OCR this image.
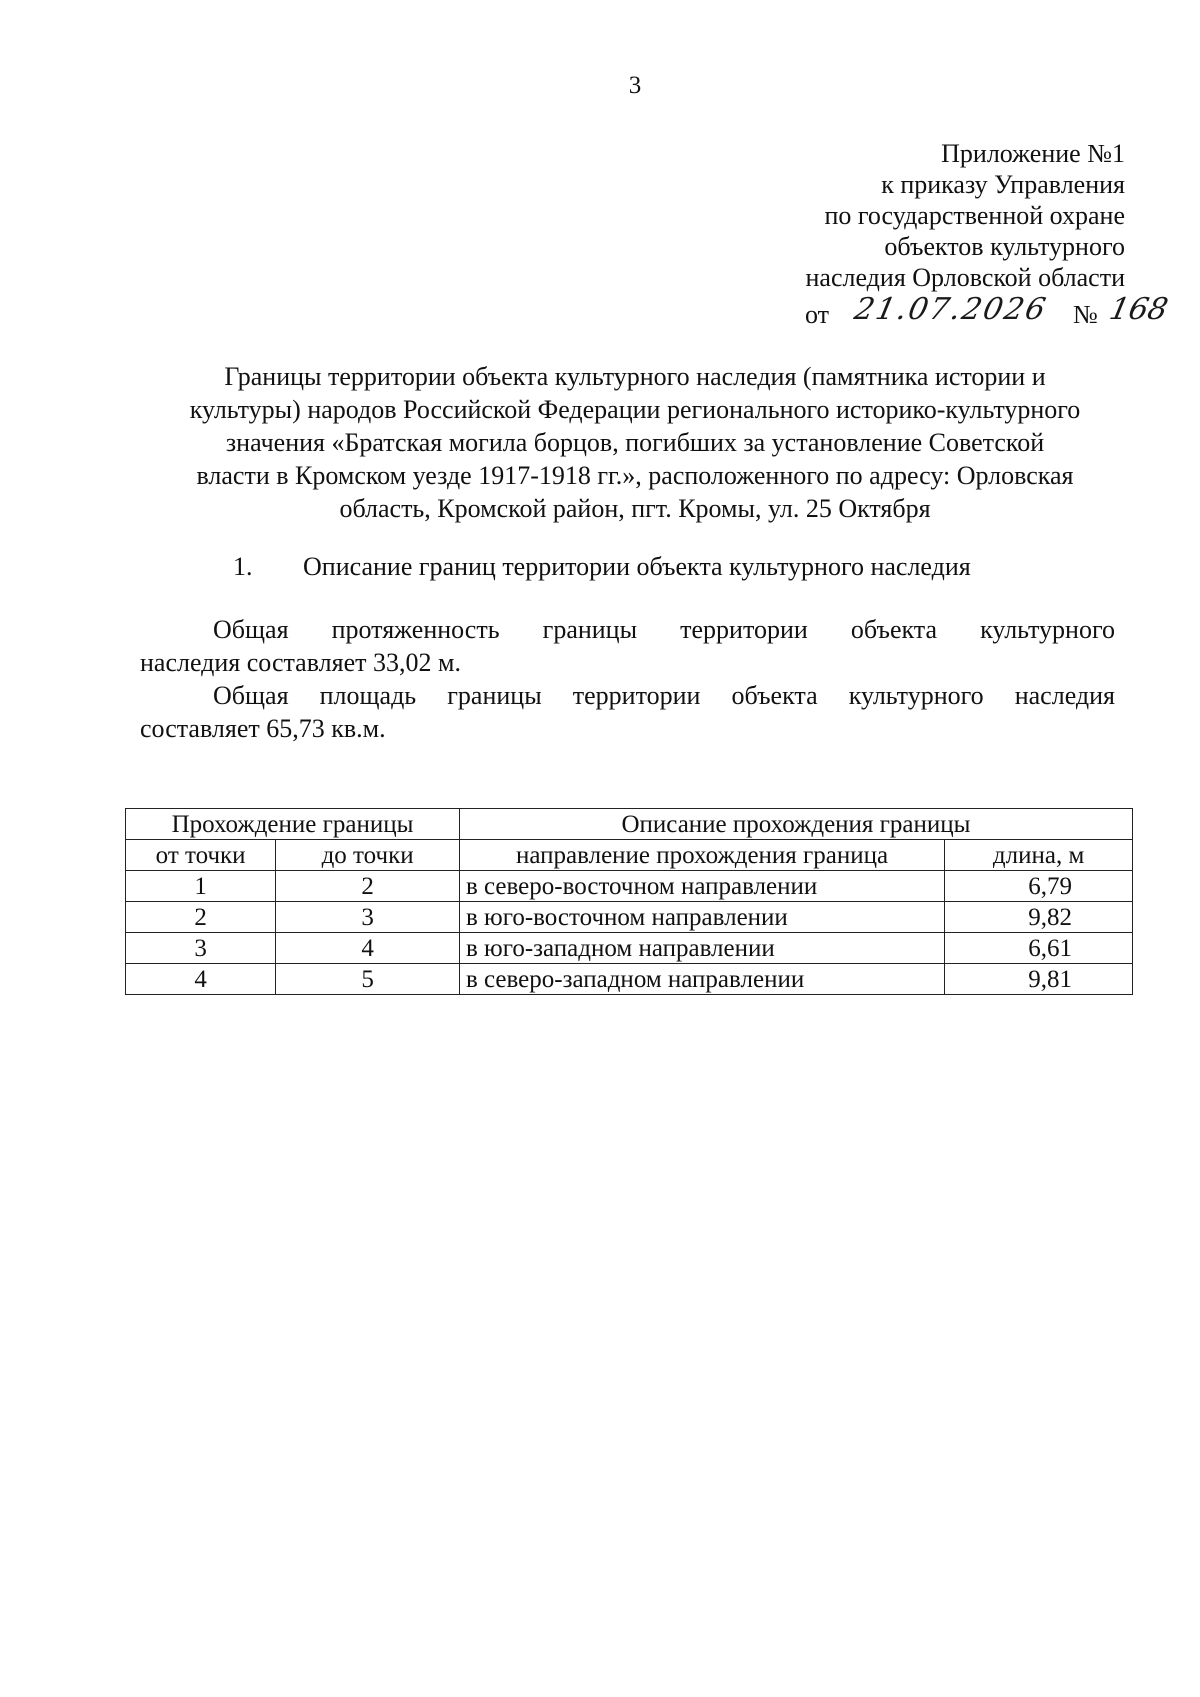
3
Приложение №1
к приказу Управления
по государственной охране
объектов культурного
наследия Орловской области
от 21.07.2026 № 168
Границы территории объекта культурного наследия (памятника истории и
культуры) народов Российской Федерации регионального историко-культурного
значения «Братская могила борцов, погибших за установление Советской
власти в Кромском уезде 1917-1918 гг.», расположенного по адресу: Орловская
область, Кромской район, пгт. Кромы, ул. 25 Октября
1. Описание границ территории объекта культурного наследия
Общая протяженность границы территории объекта культурного
наследия составляет 33,02 м.
Общая площадь границы территории объекта культурного наследия
составляет 65,73 кв.м.
Прохождение границы		Описание прохождения границы	
от точки	до точки	направление прохождения граница	длина, м
1	2	в северо-восточном направлении	6,79
2	3	в юго-восточном направлении	9,82
3	4	в юго-западном направлении	6,61
4	5	в северо-западном направлении	9,81
